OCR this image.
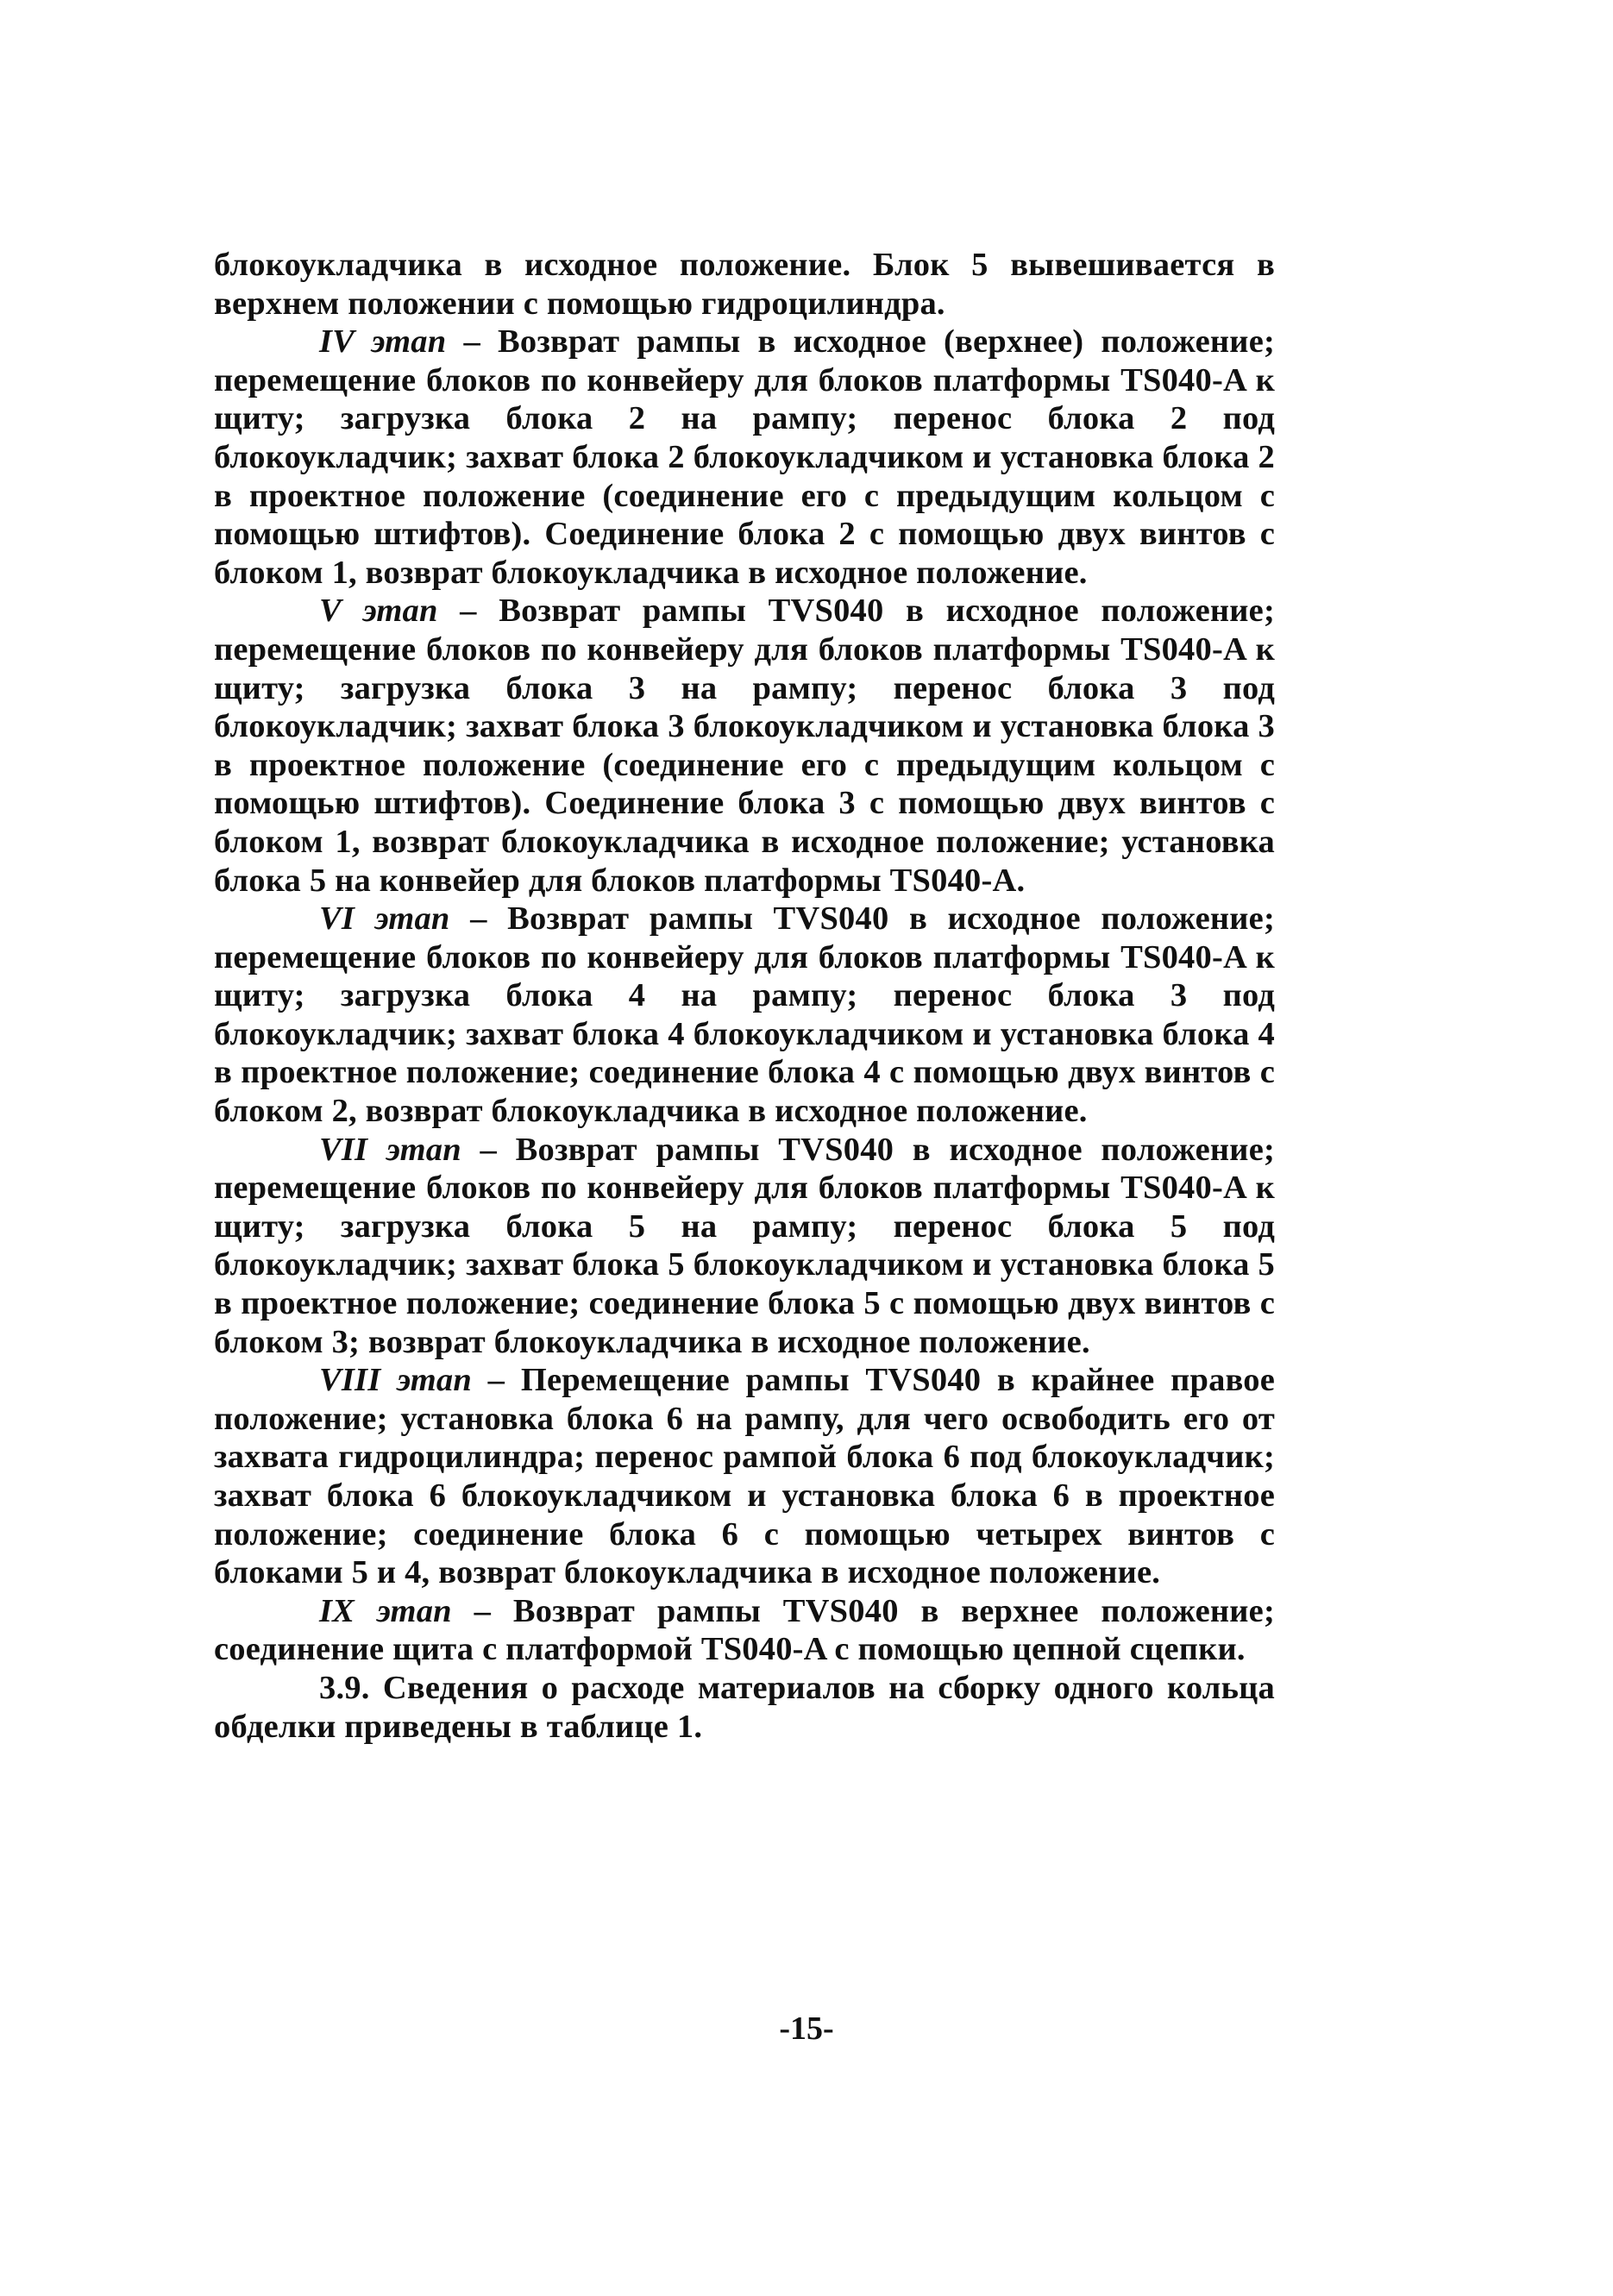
блокоукладчика в исходное положение. Блок 5 вывешивается в верхнем положении с помощью гидроцилиндра.

IV этап – Возврат рампы в исходное (верхнее) положение; перемещение блоков по конвейеру для блоков платформы TS040-A к щиту; загрузка блока 2 на рампу; перенос блока 2 под блокоукладчик; захват блока 2 блокоукладчиком и установка блока 2 в проектное положение (соединение его с предыдущим кольцом с помощью штифтов). Соединение блока 2 с помощью двух винтов с блоком 1, возврат блокоукладчика в исходное положение.

V этап – Возврат рампы TVS040 в исходное положение; перемещение блоков по конвейеру для блоков платформы TS040-A к щиту; загрузка блока 3 на рампу; перенос блока 3 под блокоукладчик; захват блока 3 блокоукладчиком и установка блока 3 в проектное положение (соединение его с предыдущим кольцом с помощью штифтов). Соединение блока 3 с помощью двух винтов с блоком 1, возврат блокоукладчика в исходное положение; установка блока 5 на конвейер для блоков платформы TS040-A.

VI этап – Возврат рампы TVS040 в исходное положение; перемещение блоков по конвейеру для блоков платформы TS040-A к щиту; загрузка блока 4 на рампу; перенос блока 3 под блокоукладчик; захват блока 4 блокоукладчиком и установка блока 4 в проектное положение; соединение блока 4 с помощью двух винтов с блоком 2, возврат блокоукладчика в исходное положение.

VII этап – Возврат рампы TVS040 в исходное положение; перемещение блоков по конвейеру для блоков платформы TS040-A к щиту; загрузка блока 5 на рампу; перенос блока 5 под блокоукладчик; захват блока 5 блокоукладчиком и установка блока 5 в проектное положение; соединение блока 5 с помощью двух винтов с блоком 3; возврат блокоукладчика в исходное положение.

VIII этап – Перемещение рампы TVS040 в крайнее правое положение; установка блока 6 на рампу, для чего освободить его от захвата гидроцилиндра; перенос рампой блока 6 под блокоукладчик; захват блока 6 блокоукладчиком и установка блока 6 в проектное положение; соединение блока 6 с помощью четырех винтов с блоками 5 и 4, возврат блокоукладчика в исходное положение.

IX этап – Возврат рампы TVS040 в верхнее положение; соединение щита с платформой TS040-A с помощью цепной сцепки.

3.9. Сведения о расходе материалов на сборку одного кольца обделки приведены в таблице 1.

-15-
